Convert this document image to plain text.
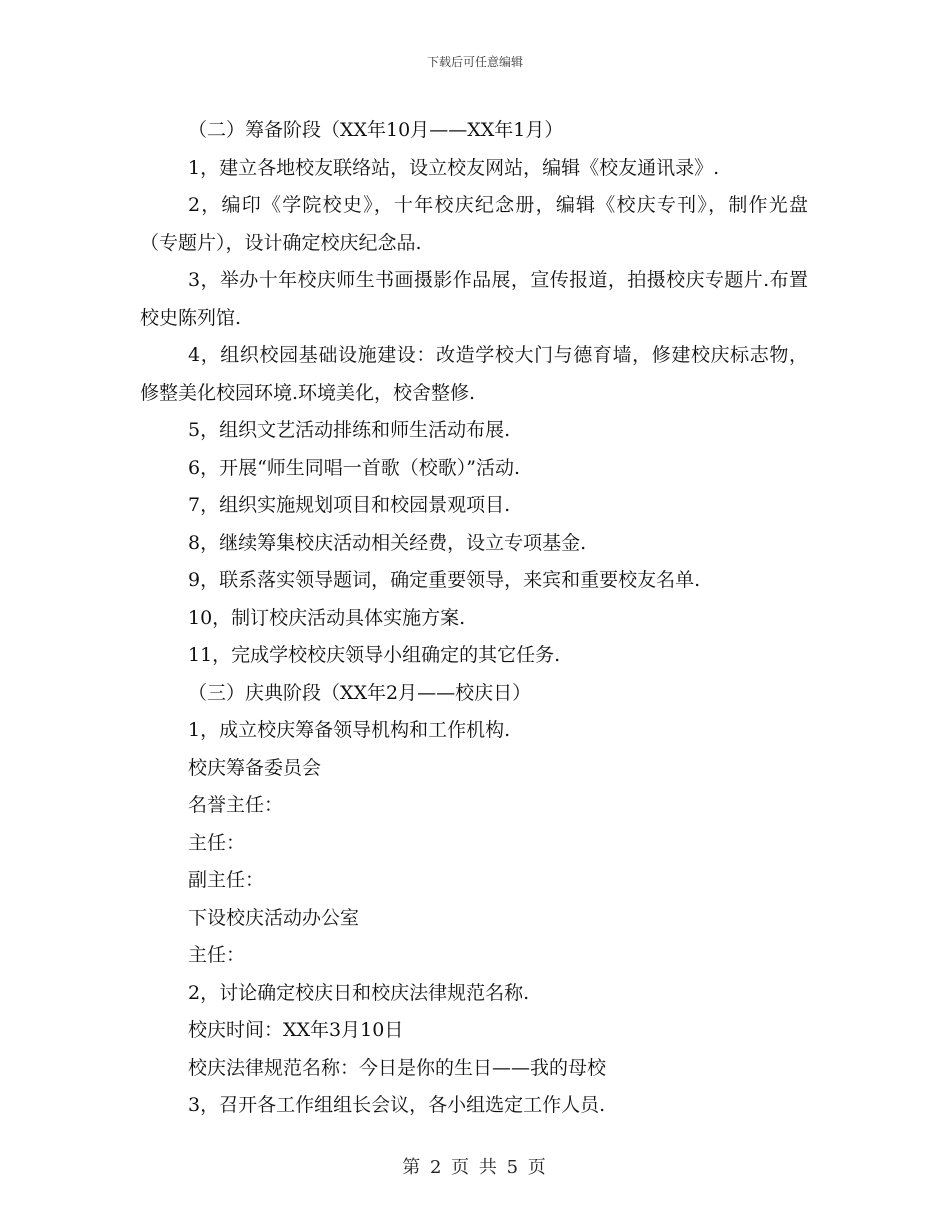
下载后可任意编辑

（二）筹备阶段（XX年10月——XX年1月）

1，建立各地校友联络站，设立校友网站，编辑《校友通讯录》.

2，编印《学院校史》，十年校庆纪念册，编辑《校庆专刊》，制作光盘（专题片），设计确定校庆纪念品.

3，举办十年校庆师生书画摄影作品展，宣传报道，拍摄校庆专题片.布置校史陈列馆.

4，组织校园基础设施建设：改造学校大门与德育墙，修建校庆标志物，修整美化校园环境.环境美化，校舍整修.

5，组织文艺活动排练和师生活动布展.

6，开展“师生同唱一首歌（校歌）”活动.

7，组织实施规划项目和校园景观项目.

8，继续筹集校庆活动相关经费，设立专项基金.

9，联系落实领导题词，确定重要领导，来宾和重要校友名单.

10，制订校庆活动具体实施方案.

11，完成学校校庆领导小组确定的其它任务.

（三）庆典阶段（XX年2月——校庆日）

1，成立校庆筹备领导机构和工作机构.

校庆筹备委员会

名誉主任：

主任：

副主任：

下设校庆活动办公室

主任：

2，讨论确定校庆日和校庆法律规范名称.

校庆时间：XX年3月10日

校庆法律规范名称：今日是你的生日——我的母校

3，召开各工作组组长会议，各小组选定工作人员.

第 2 页 共 5 页
